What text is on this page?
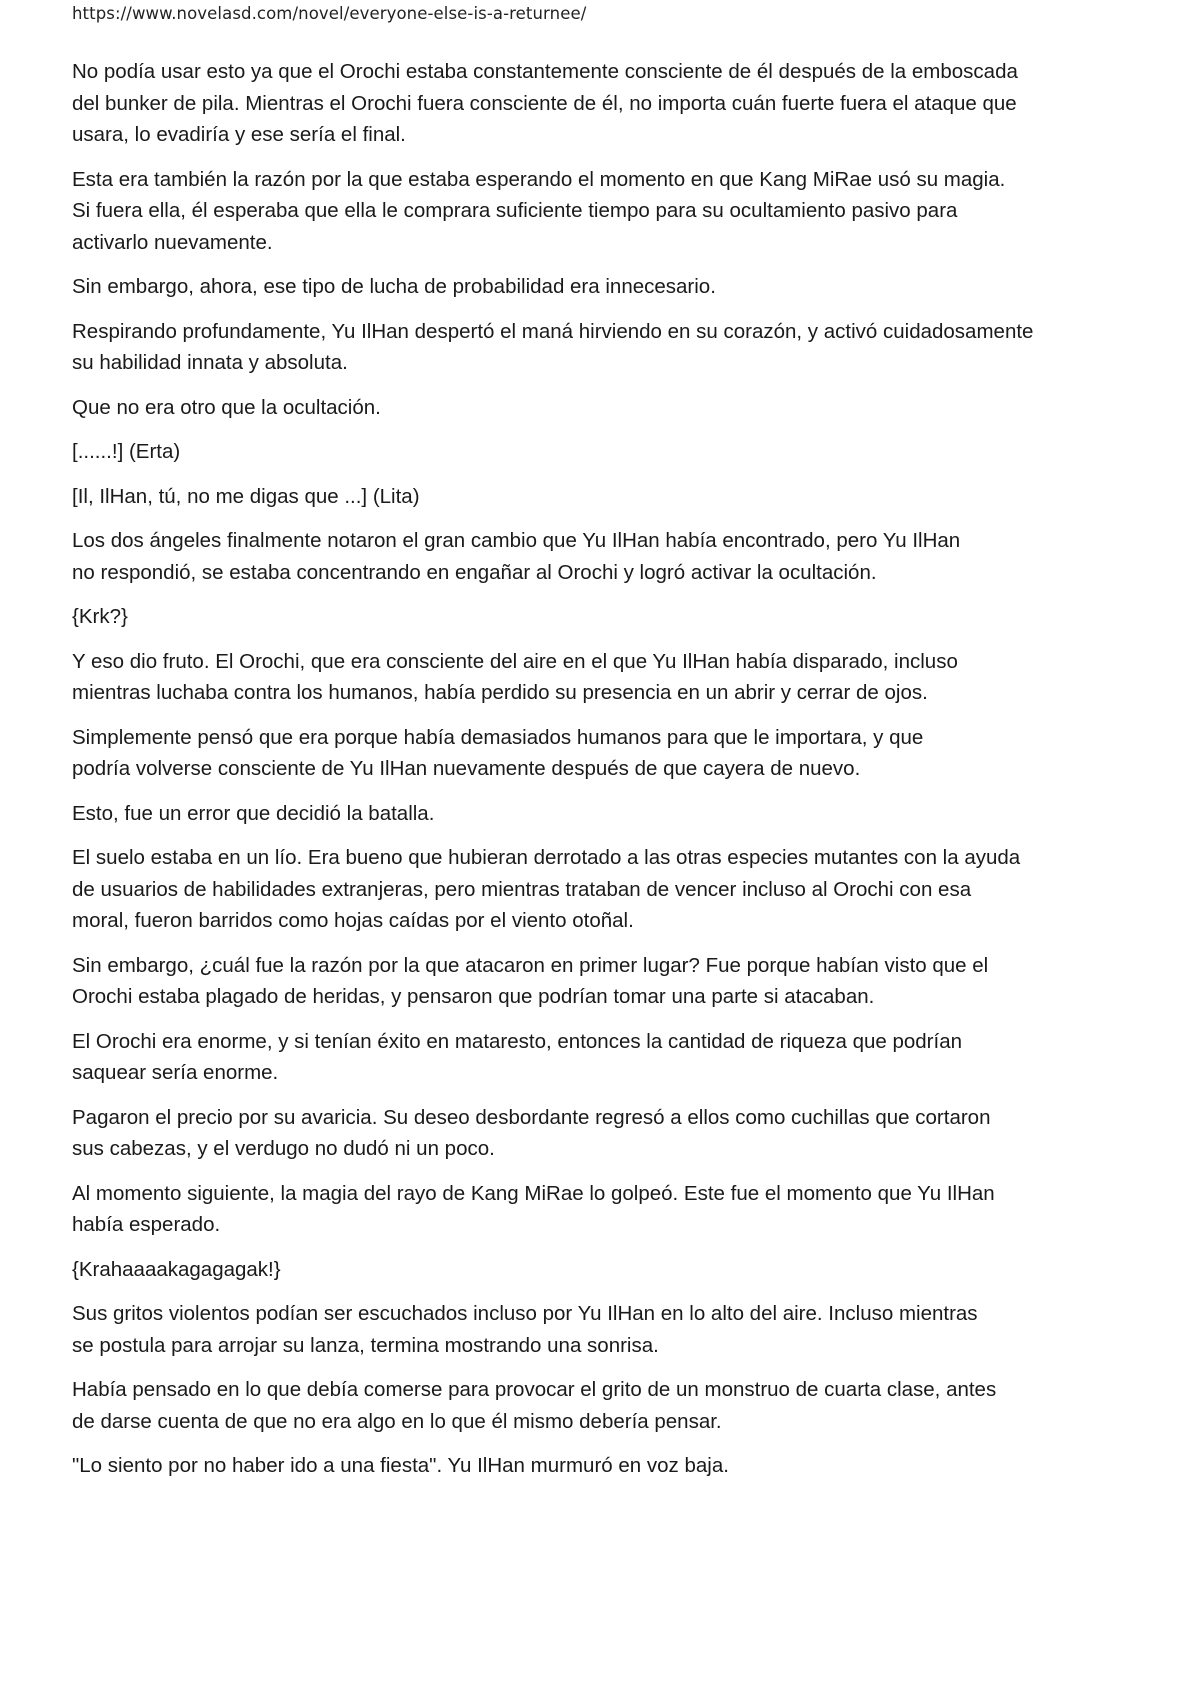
https://www.novelasd.com/novel/everyone-else-is-a-returnee/

No podía usar esto ya que el Orochi estaba constantemente consciente de él después de la emboscada
del bunker de pila. Mientras el Orochi fuera consciente de él, no importa cuán fuerte fuera el ataque que
usara, lo evadiría y ese sería el final.

Esta era también la razón por la que estaba esperando el momento en que Kang MiRae usó su magia.
Si fuera ella, él esperaba que ella le comprara suficiente tiempo para su ocultamiento pasivo para
activarlo nuevamente.

Sin embargo, ahora, ese tipo de lucha de probabilidad era innecesario.

Respirando profundamente, Yu IlHan despertó el maná hirviendo en su corazón, y activó cuidadosamente
su habilidad innata y absoluta.

Que no era otro que la ocultación.

[......!] (Erta)

[Il, IlHan, tú, no me digas que ...] (Lita)

Los dos ángeles finalmente notaron el gran cambio que Yu IlHan había encontrado, pero Yu IlHan
no respondió, se estaba concentrando en engañar al Orochi y logró activar la ocultación.

{Krk?}

Y eso dio fruto. El Orochi, que era consciente del aire en el que Yu IlHan había disparado, incluso
mientras luchaba contra los humanos, había perdido su presencia en un abrir y cerrar de ojos.

Simplemente pensó que era porque había demasiados humanos para que le importara, y que
podría volverse consciente de Yu IlHan nuevamente después de que cayera de nuevo.

Esto, fue un error que decidió la batalla.

El suelo estaba en un lío. Era bueno que hubieran derrotado a las otras especies mutantes con la ayuda
de usuarios de habilidades extranjeras, pero mientras trataban de vencer incluso al Orochi con esa
moral, fueron barridos como hojas caídas por el viento otoñal.

Sin embargo, ¿cuál fue la razón por la que atacaron en primer lugar? Fue porque habían visto que el
Orochi estaba plagado de heridas, y pensaron que podrían tomar una parte si atacaban.

El Orochi era enorme, y si tenían éxito en mataresto, entonces la cantidad de riqueza que podrían
saquear sería enorme.

Pagaron el precio por su avaricia. Su deseo desbordante regresó a ellos como cuchillas que cortaron
sus cabezas, y el verdugo no dudó ni un poco.

Al momento siguiente, la magia del rayo de Kang MiRae lo golpeó. Este fue el momento que Yu IlHan
había esperado.

{Krahaaaakagagagak!}

Sus gritos violentos podían ser escuchados incluso por Yu IlHan en lo alto del aire. Incluso mientras
se postula para arrojar su lanza, termina mostrando una sonrisa.

Había pensado en lo que debía comerse para provocar el grito de un monstruo de cuarta clase, antes
de darse cuenta de que no era algo en lo que él mismo debería pensar.

"Lo siento por no haber ido a una fiesta". Yu IlHan murmuró en voz baja.
